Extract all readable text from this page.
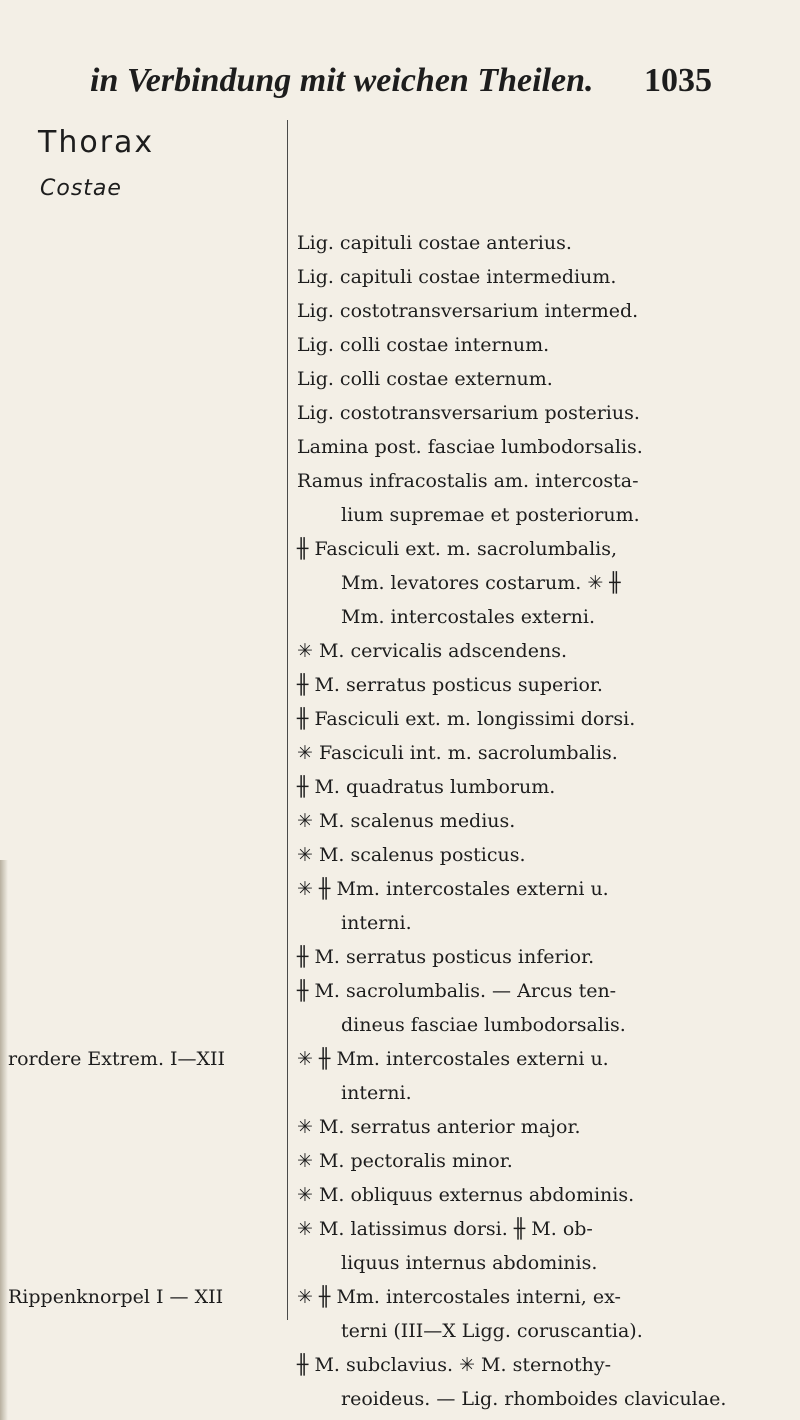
in Verbindung mit weichen Theilen. 1035
Thorax
Costae
rordere Extrem. I—XII
Rippenknorpel I — XII
Lig. capituli costae anterius.
Lig. capituli costae intermedium.
Lig. costotransversarium intermed.
Lig. colli costae internum.
Lig. colli costae externum.
Lig. costotransversarium posterius.
Lamina post. fasciae lumbodorsalis.
Ramus infracostalis am. intercosta-
lium supremae et posteriorum.
╫ Fasciculi ext. m. sacrolumbalis,
Mm. levatores costarum. ✳ ╫
Mm. intercostales externi.
✳ M. cervicalis adscendens.
╫ M. serratus posticus superior.
╫ Fasciculi ext. m. longissimi dorsi.
✳ Fasciculi int. m. sacrolumbalis.
╫ M. quadratus lumborum.
✳ M. scalenus medius.
✳ M. scalenus posticus.
✳ ╫ Mm. intercostales externi u.
interni.
╫ M. serratus posticus inferior.
╫ M. sacrolumbalis. — Arcus ten-
dineus fasciae lumbodorsalis.
✳ ╫ Mm. intercostales externi u.
interni.
✳ M. serratus anterior major.
✳ M. pectoralis minor.
✳ M. obliquus externus abdominis.
✳ M. latissimus dorsi. ╫ M. ob-
liquus internus abdominis.
✳ ╫ Mm. intercostales interni, ex-
terni (III—X Ligg. coruscantia).
╫ M. subclavius. ✳ M. sternothy-
reoideus. — Lig. rhomboides claviculae.
